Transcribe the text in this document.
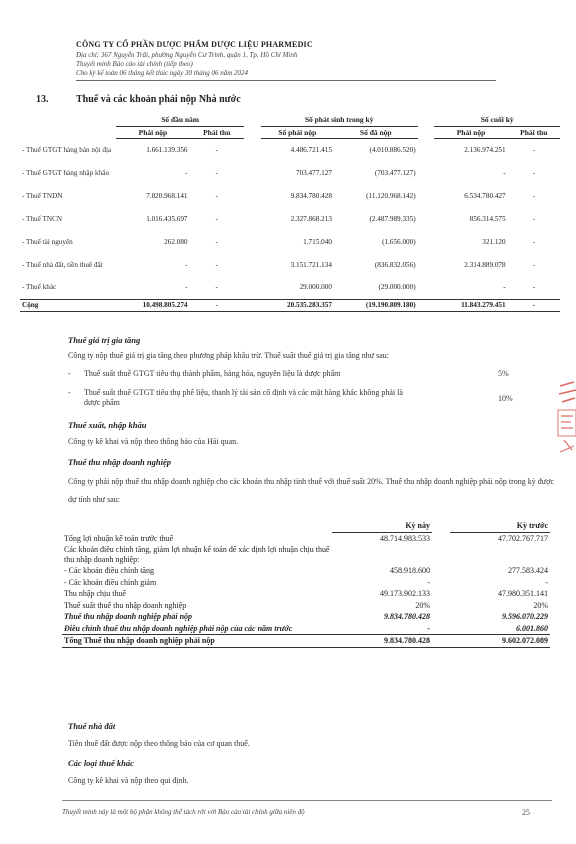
CÔNG TY CỔ PHẦN DƯỢC PHẨM DƯỢC LIỆU PHARMEDIC
Địa chỉ: 367 Nguyễn Trãi, phường Nguyễn Cư Trinh, quận 1, Tp. Hồ Chí Minh
Thuyết minh Báo cáo tài chính (tiếp theo)
Cho kỳ kế toán 06 tháng kết thúc ngày 30 tháng 06 năm 2024
13.	Thuế và các khoản phải nộp Nhà nước
	Số đầu năm			Số phát sinh trong kỳ			Số cuối kỳ	
	Phải nộp	Phải thu		Số phải nộp	Số đã nộp		Phải nộp	Phải thu
- Thuế GTGT hàng bán nội địa	1.661.139.356	-		4.486.721.415	(4.010.886.520)		2.136.974.251	-
- Thuế GTGT hàng nhập khẩu	-	-		703.477.127	(703.477.127)		-	-
- Thuế TNDN	7.820.968.141	-		9.834.780.428	(11.120.968.142)		6.534.780.427	-
- Thuế TNCN	1.016.435.697	-		2.327.868.213	(2.487.989.335)		856.314.575	-
- Thuế tài nguyên	262.080	-		1.715.040	(1.656.000)		321.120	-
- Thuế nhà đất, tiền thuê đất	-	-		3.151.721.134	(836.832.056)		2.314.889.078	-
- Thuế khác	-	-		29.000.000	(29.000.000)		-	-
Cộng	10.498.805.274	-		20.535.283.357	(19.190.809.180)		11.843.279.451	-
Thuế giá trị gia tăng
Công ty nộp thuế giá trị gia tăng theo phương pháp khấu trừ. Thuế suất thuế giá trị gia tăng như sau:
- Thuế suất thuế GTGT tiêu thụ thành phẩm, hàng hóa, nguyên liệu là dược phẩm	5%
- Thuế suất thuế GTGT tiêu thụ phế liệu, thanh lý tài sản cố định và các mặt hàng khác không phải là dược phẩm	10%
Thuế xuất, nhập khẩu
Công ty kê khai và nộp theo thông báo của Hải quan.
Thuế thu nhập doanh nghiệp
Công ty phải nộp thuế thu nhập doanh nghiệp cho các khoản thu nhập tính thuế với thuế suất 20%. Thuế thu nhập doanh nghiệp phải nộp trong kỳ được dự tính như sau:
	Kỳ này		Kỳ trước
Tổng lợi nhuận kế toán trước thuế	48.714.983.533		47.702.767.717
Các khoản điều chỉnh tăng, giảm lợi nhuận kế toán để xác định lợi nhuận chịu thuế thu nhập doanh nghiệp:			
- Các khoản điều chỉnh tăng	458.918.600		277.583.424
- Các khoản điều chỉnh giảm	-		-
Thu nhập chịu thuế	49.173.902.133		47.980.351.141
Thuế suất thuế thu nhập doanh nghiệp	20%		20%
Thuế thu nhập doanh nghiệp phải nộp	9.834.780.428		9.596.070.229
Điều chỉnh thuế thu nhập doanh nghiệp phải nộp của các năm trước	-		6.001.860
Tổng Thuế thu nhập doanh nghiệp phải nộp	9.834.780.428		9.602.072.089
Thuế nhà đất
Tiền thuê đất được nộp theo thông báo của cơ quan thuế.
Các loại thuế khác
Công ty kê khai và nộp theo qui định.
Thuyết minh này là một bộ phận không thể tách rời với Báo cáo tài chính giữa niên độ	25
